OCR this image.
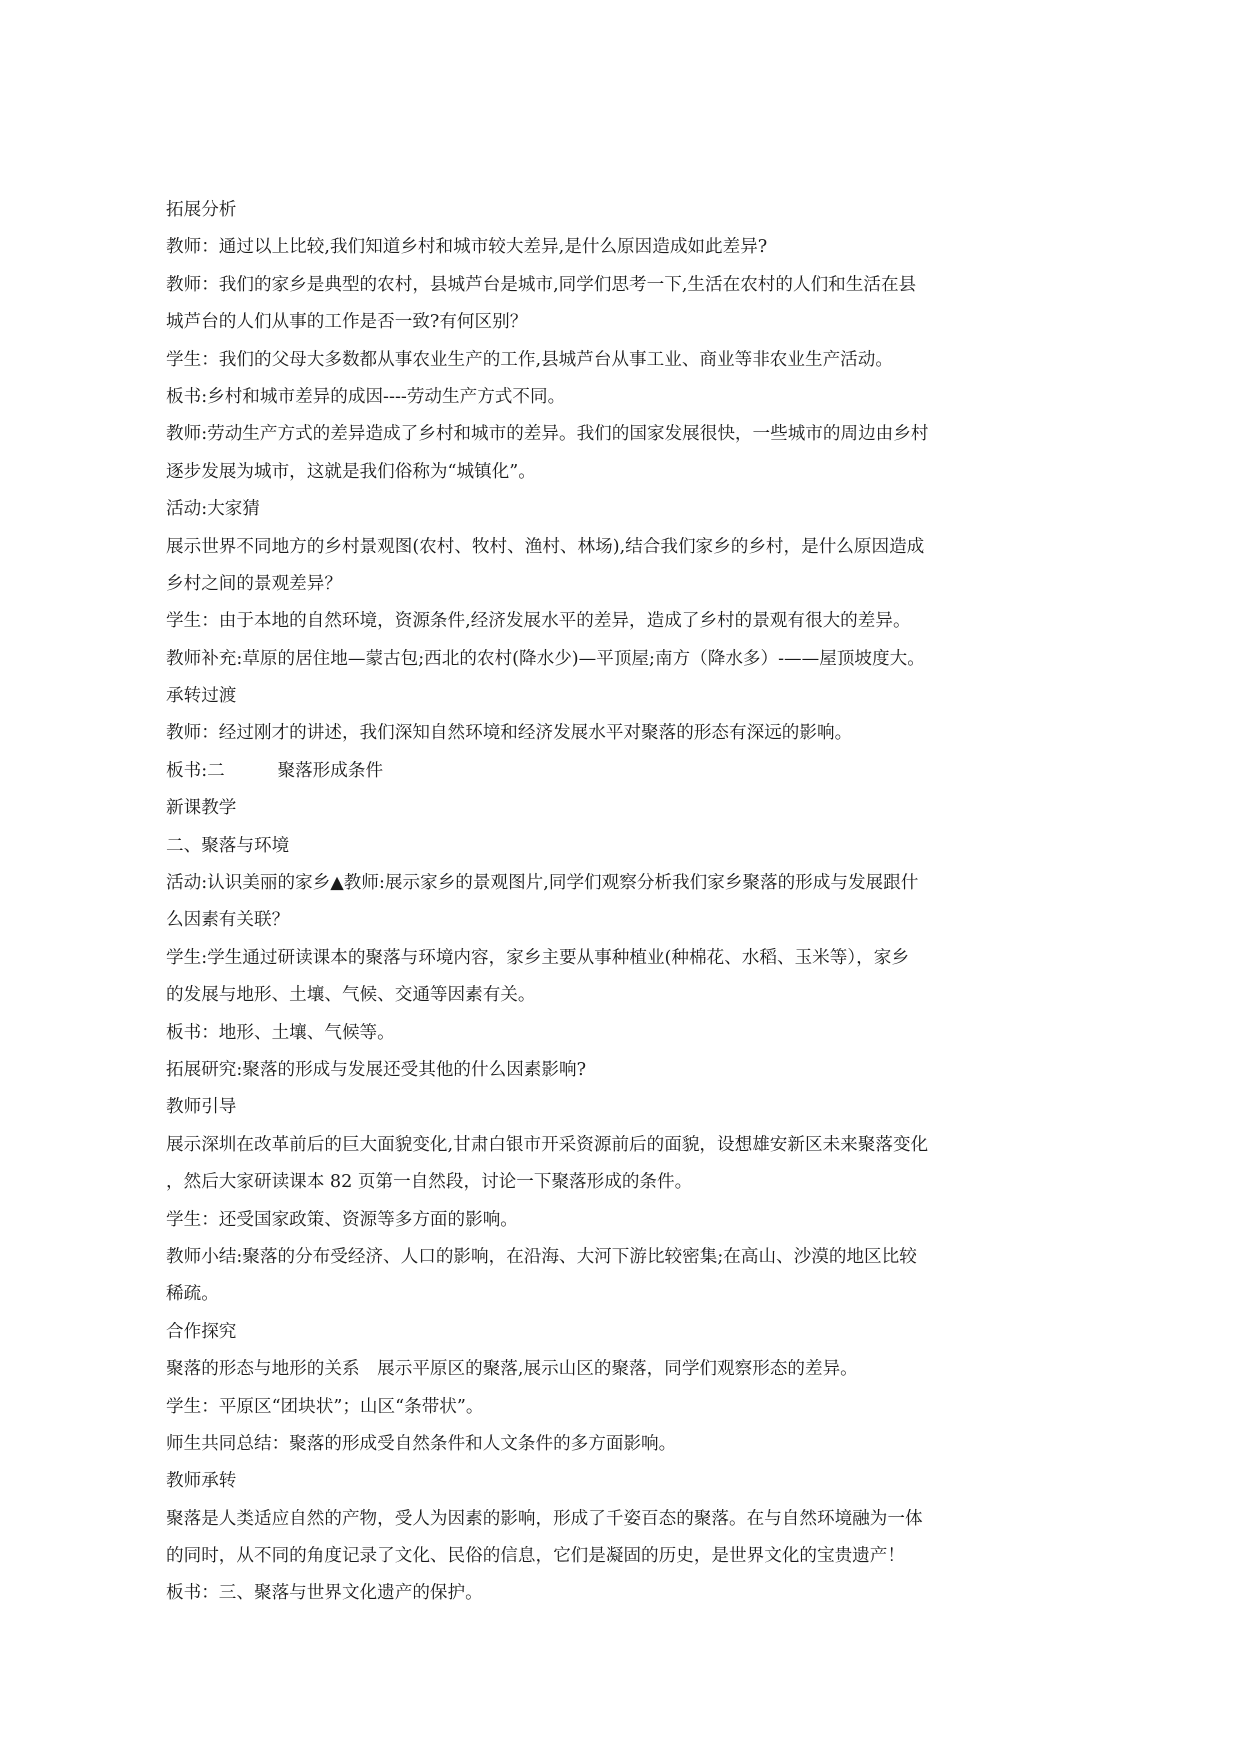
拓展分析
教师：通过以上比较,我们知道乡村和城市较大差异,是什么原因造成如此差异?
教师：我们的家乡是典型的农村，县城芦台是城市,同学们思考一下,生活在农村的人们和生活在县
城芦台的人们从事的工作是否一致?有何区别？
学生：我们的父母大多数都从事农业生产的工作,县城芦台从事工业、商业等非农业生产活动。
板书:乡村和城市差异的成因----劳动生产方式不同。
教师:劳动生产方式的差异造成了乡村和城市的差异。我们的国家发展很快，一些城市的周边由乡村
逐步发展为城市，这就是我们俗称为“城镇化”。
活动:大家猜
展示世界不同地方的乡村景观图(农村、牧村、渔村、林场),结合我们家乡的乡村，是什么原因造成
乡村之间的景观差异？
学生：由于本地的自然环境，资源条件,经济发展水平的差异，造成了乡村的景观有很大的差异。
教师补充:草原的居住地—蒙古包;西北的农村(降水少)—平顶屋;南方（降水多）-——屋顶坡度大。
承转过渡
教师：经过刚才的讲述，我们深知自然环境和经济发展水平对聚落的形态有深远的影响。
板书:二　　　聚落形成条件
新课教学
二、聚落与环境
活动:认识美丽的家乡▲教师:展示家乡的景观图片,同学们观察分析我们家乡聚落的形成与发展跟什
么因素有关联？
学生:学生通过研读课本的聚落与环境内容，家乡主要从事种植业(种棉花、水稻、玉米等），家乡
的发展与地形、土壤、气候、交通等因素有关。
板书：地形、土壤、气候等。
拓展研究:聚落的形成与发展还受其他的什么因素影响?
教师引导
展示深圳在改革前后的巨大面貌变化,甘肃白银市开采资源前后的面貌，设想雄安新区未来聚落变化
，然后大家研读课本 82 页第一自然段，讨论一下聚落形成的条件。
学生：还受国家政策、资源等多方面的影响。
教师小结:聚落的分布受经济、人口的影响，在沿海、大河下游比较密集;在高山、沙漠的地区比较
稀疏。
合作探究
聚落的形态与地形的关系　展示平原区的聚落,展示山区的聚落，同学们观察形态的差异。
学生：平原区“团块状”；山区“条带状”。
师生共同总结：聚落的形成受自然条件和人文条件的多方面影响。
教师承转
聚落是人类适应自然的产物，受人为因素的影响，形成了千姿百态的聚落。在与自然环境融为一体
的同时，从不同的角度记录了文化、民俗的信息，它们是凝固的历史，是世界文化的宝贵遗产！
板书：三、聚落与世界文化遗产的保护。
